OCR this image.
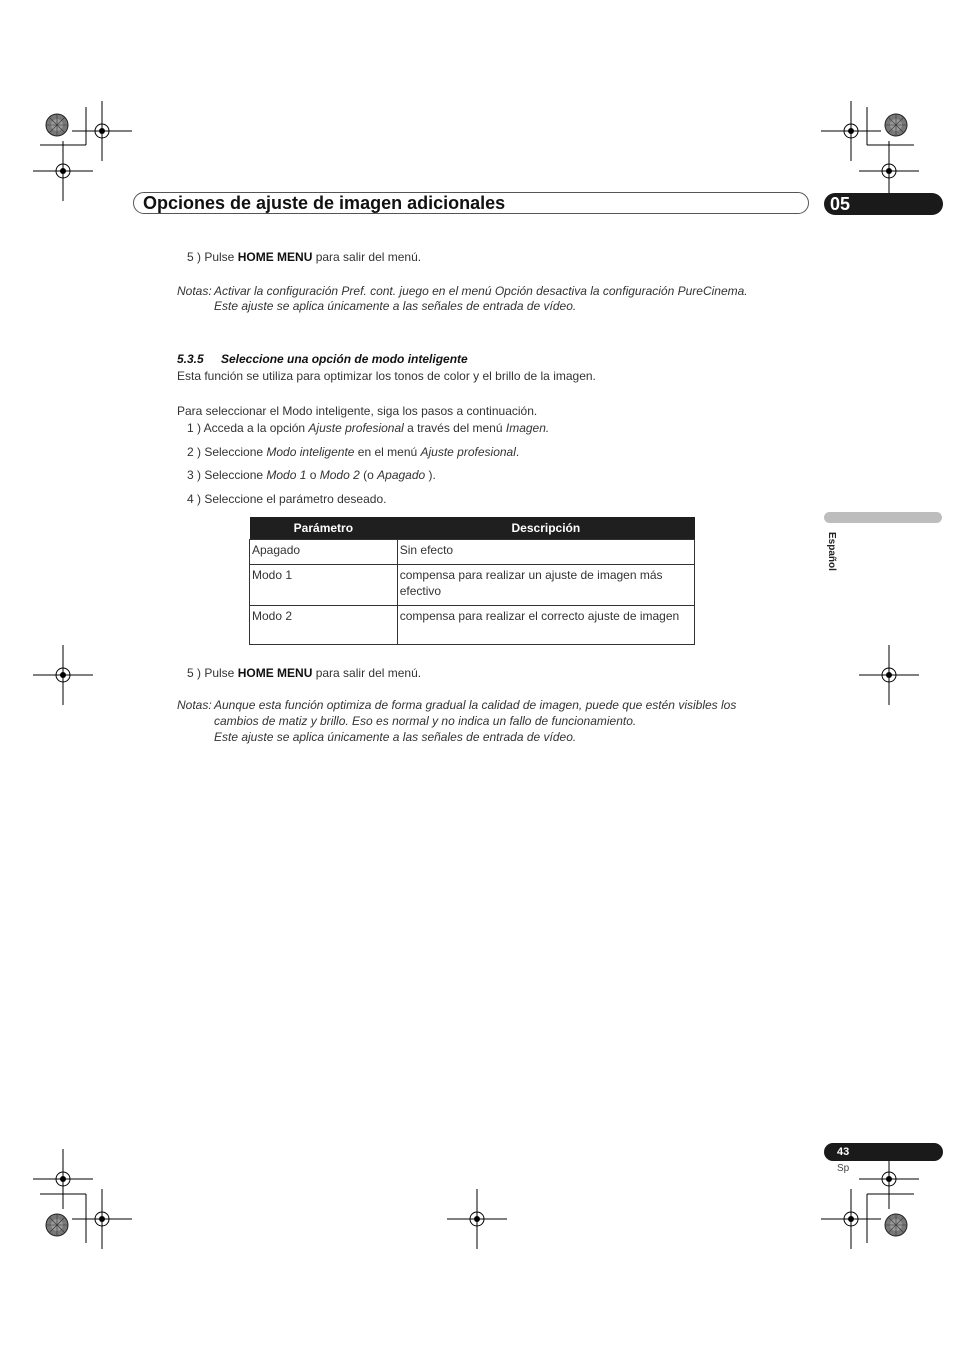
Opciones de ajuste de imagen adicionales	05
5 ) Pulse HOME MENU para salir del menú.
Notas: Activar la configuración Pref. cont. juego en el menú Opción desactiva la configuración PureCinema.
Este ajuste se aplica únicamente a las señales de entrada de vídeo.
5.3.5 Seleccione una opción de modo inteligente
Esta función se utiliza para optimizar los tonos de color y el brillo de la imagen.
Para seleccionar el Modo inteligente, siga los pasos a continuación.
1 ) Acceda a la opción Ajuste profesional a través del menú Imagen.
2 ) Seleccione Modo inteligente en el menú Ajuste profesional.
3 ) Seleccione Modo 1 o Modo 2 (o Apagado ).
4 ) Seleccione el parámetro deseado.
Parámetro	Descripción
Apagado	Sin efecto
Modo 1	compensa para realizar un ajuste de imagen más efectivo
Modo 2	compensa para realizar el correcto ajuste de imagen
5 ) Pulse HOME MENU para salir del menú.
Notas: Aunque esta función optimiza de forma gradual la calidad de imagen, puede que estén visibles los
cambios de matiz y brillo. Eso es normal y no indica un fallo de funcionamiento.
Este ajuste se aplica únicamente a las señales de entrada de vídeo.
Español
43
Sp
